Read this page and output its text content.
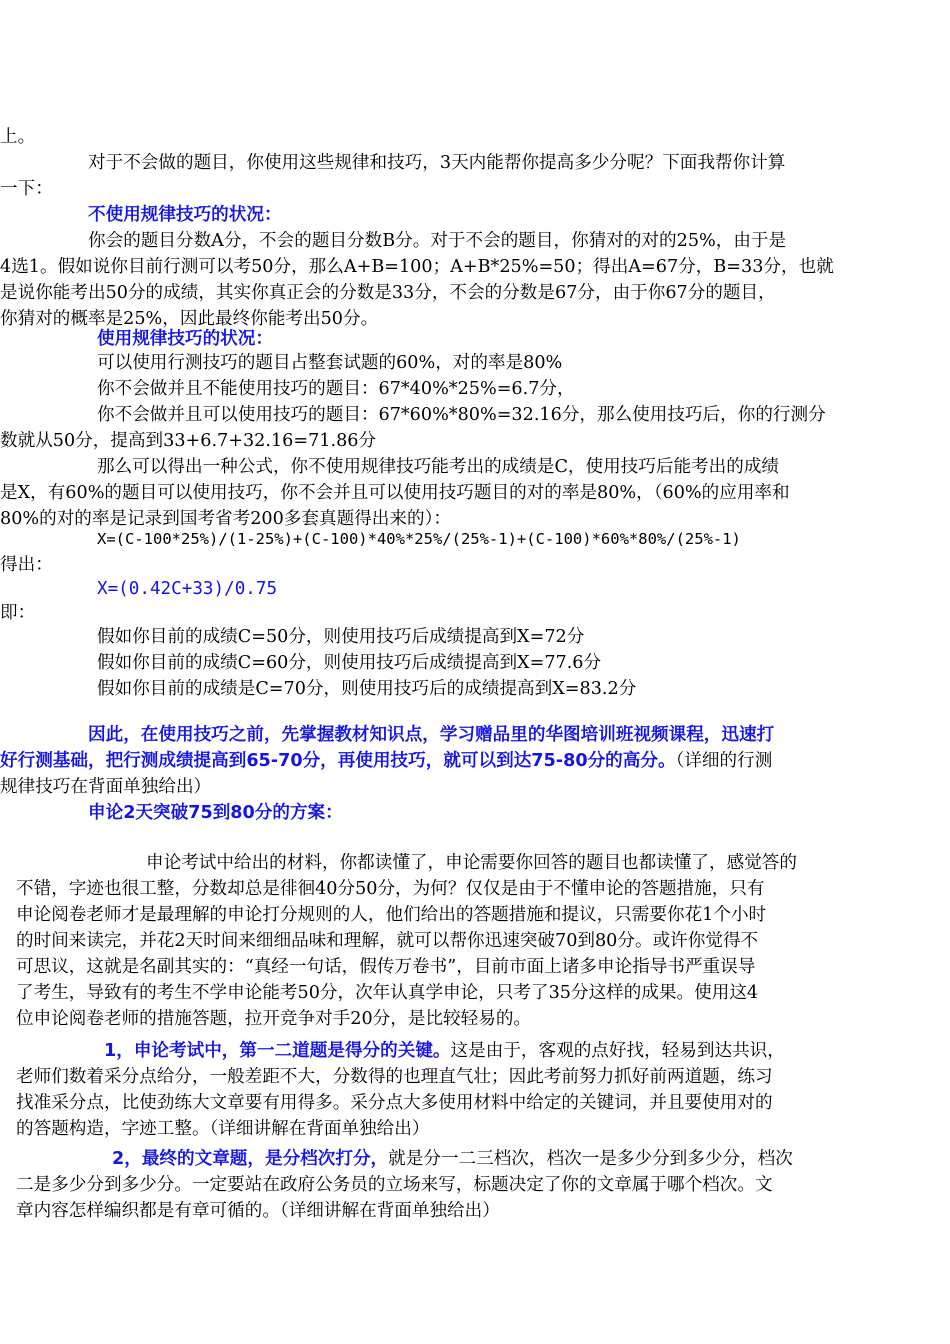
上。
对于不会做的题目，你使用这些规律和技巧，3天内能帮你提高多少分呢？下面我帮你计算
一下：
不使用规律技巧的状况：
你会的题目分数A分，不会的题目分数B分。对于不会的题目，你猜对的对的25%，由于是
4选1。假如说你目前行测可以考50分，那么A+B=100；A+B*25%=50；得出A=67分，B=33分，也就
是说你能考出50分的成绩，其实你真正会的分数是33分，不会的分数是67分，由于你67分的题目，
你猜对的概率是25%，因此最终你能考出50分。
使用规律技巧的状况：
可以使用行测技巧的题目占整套试题的60%，对的率是80%
你不会做并且不能使用技巧的题目：67*40%*25%=6.7分，
你不会做并且可以使用技巧的题目：67*60%*80%=32.16分，那么使用技巧后，你的行测分
数就从50分，提高到33+6.7+32.16=71.86分
那么可以得出一种公式，你不使用规律技巧能考出的成绩是C，使用技巧后能考出的成绩
是X，有60%的题目可以使用技巧，你不会并且可以使用技巧题目的对的率是80%，（60%的应用率和
80%的对的率是记录到国考省考200多套真题得出来的）：
X=(C-100*25%)/(1-25%)+(C-100)*40%*25%/(25%-1)+(C-100)*60%*80%/(25%-1)
得出：
X=(0.42C+33)/0.75
即：
假如你目前的成绩C=50分，则使用技巧后成绩提高到X=72分
假如你目前的成绩C=60分，则使用技巧后成绩提高到X=77.6分
假如你目前的成绩是C=70分，则使用技巧后的成绩提高到X=83.2分
因此，在使用技巧之前，先掌握教材知识点，学习赠品里的华图培训班视频课程，迅速打
好行测基础，把行测成绩提高到65-70分，再使用技巧，就可以到达75-80分的高分。（详细的行测
规律技巧在背面单独给出）
申论2天突破75到80分的方案：
申论考试中给出的材料，你都读懂了，申论需要你回答的题目也都读懂了，感觉答的
不错，字迹也很工整，分数却总是徘徊40分50分，为何？仅仅是由于不懂申论的答题措施，只有
申论阅卷老师才是最理解的申论打分规则的人，他们给出的答题措施和提议，只需要你花1个小时
的时间来读完，并花2天时间来细细品味和理解，就可以帮你迅速突破70到80分。或许你觉得不
可思议，这就是名副其实的：“真经一句话，假传万卷书”，目前市面上诸多申论指导书严重误导
了考生，导致有的考生不学申论能考50分，次年认真学申论，只考了35分这样的成果。使用这4
位申论阅卷老师的措施答题，拉开竞争对手20分，是比较轻易的。
1，申论考试中，第一二道题是得分的关键。这是由于，客观的点好找，轻易到达共识，
老师们数着采分点给分，一般差距不大，分数得的也理直气壮；因此考前努力抓好前两道题，练习
找准采分点，比使劲练大文章要有用得多。采分点大多使用材料中给定的关键词，并且要使用对的
的答题构造，字迹工整。（详细讲解在背面单独给出）
2，最终的文章题，是分档次打分，就是分一二三档次，档次一是多少分到多少分，档次
二是多少分到多少分。一定要站在政府公务员的立场来写，标题决定了你的文章属于哪个档次。文
章内容怎样编织都是有章可循的。（详细讲解在背面单独给出）
